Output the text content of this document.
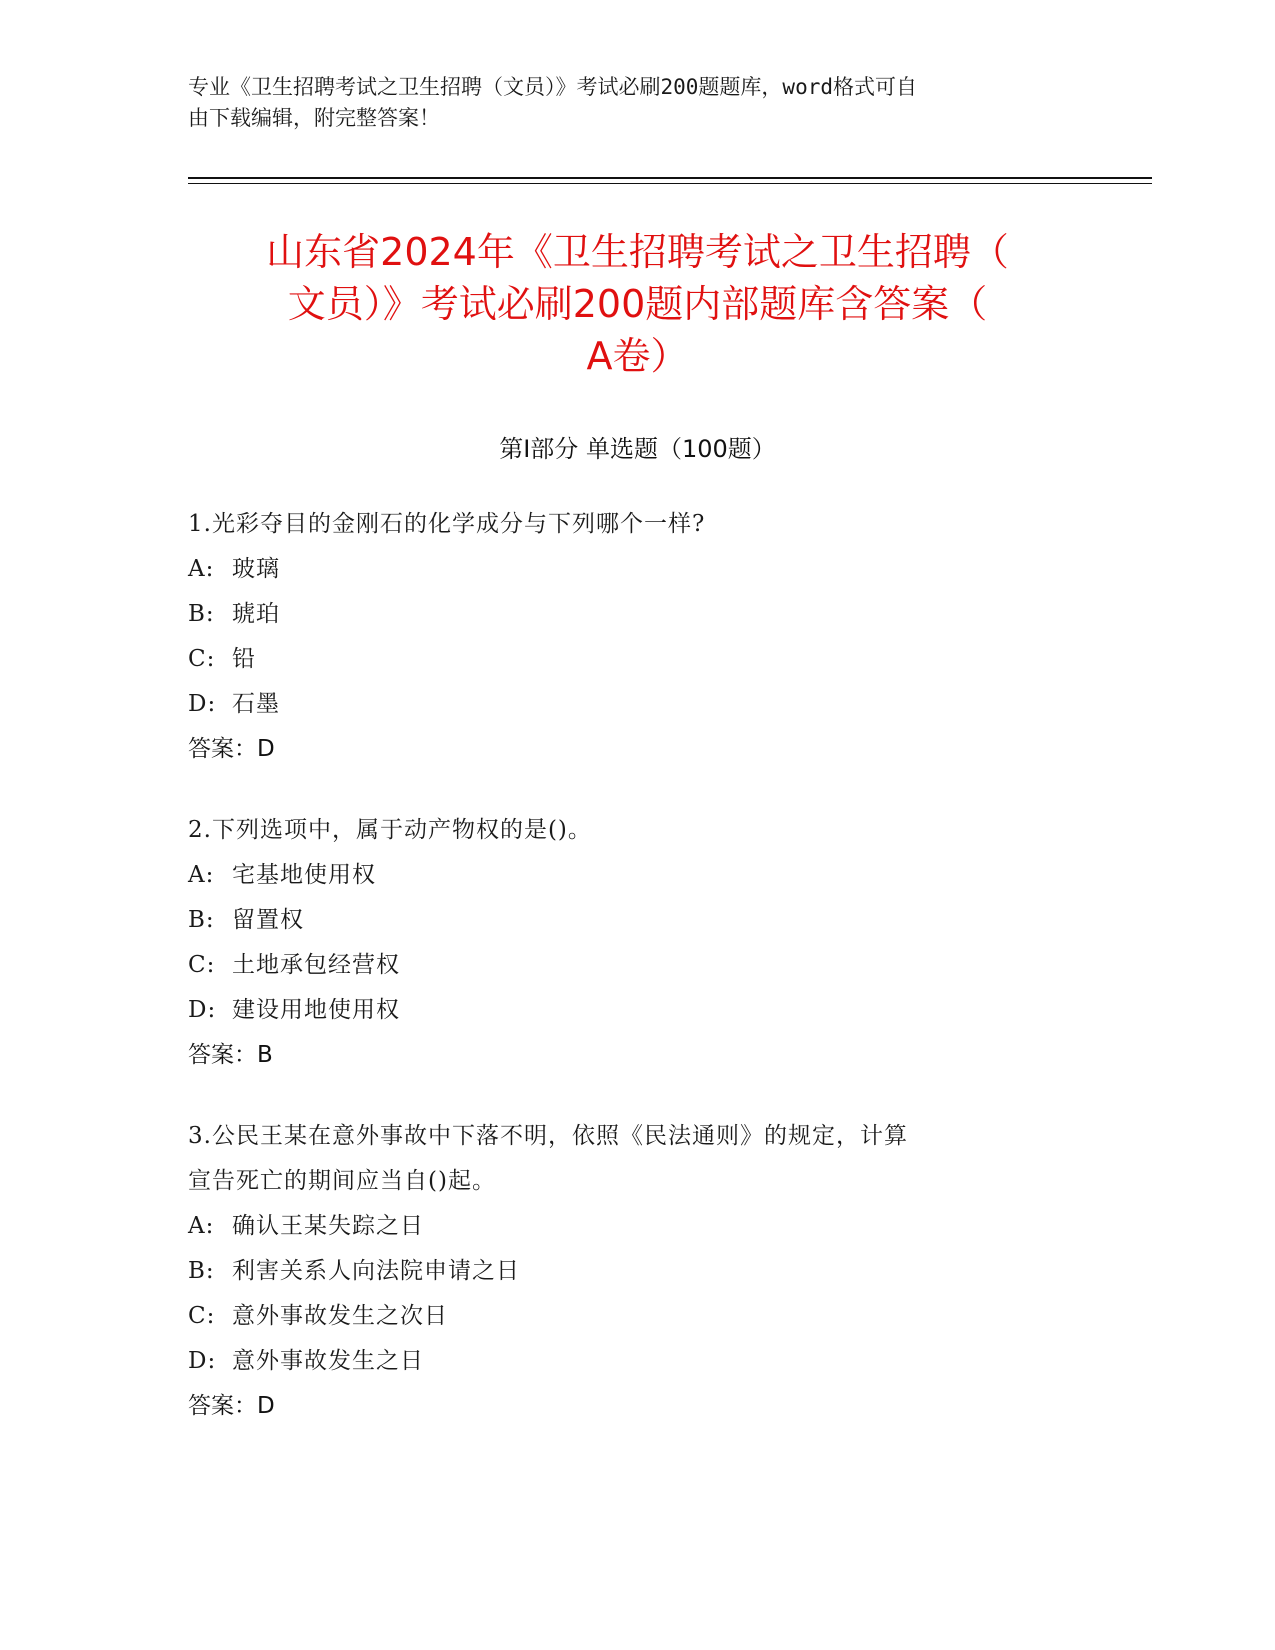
专业《卫生招聘考试之卫生招聘（文员）》考试必刷200题题库，word格式可自
由下载编辑，附完整答案！
山东省2024年《卫生招聘考试之卫生招聘（
文员）》考试必刷200题内部题库含答案（
A卷）
第Ⅰ部分 单选题（100题）

1.光彩夺目的金刚石的化学成分与下列哪个一样?

A: 玻璃

B: 琥珀

C: 铅

D: 石墨

答案：D

2.下列选项中，属于动产物权的是()。

A: 宅基地使用权

B: 留置权

C: 土地承包经营权

D: 建设用地使用权

答案：B

3.公民王某在意外事故中下落不明，依照《民法通则》的规定，计算

宣告死亡的期间应当自()起。

A: 确认王某失踪之日

B: 利害关系人向法院申请之日

C: 意外事故发生之次日

D: 意外事故发生之日

答案：D
